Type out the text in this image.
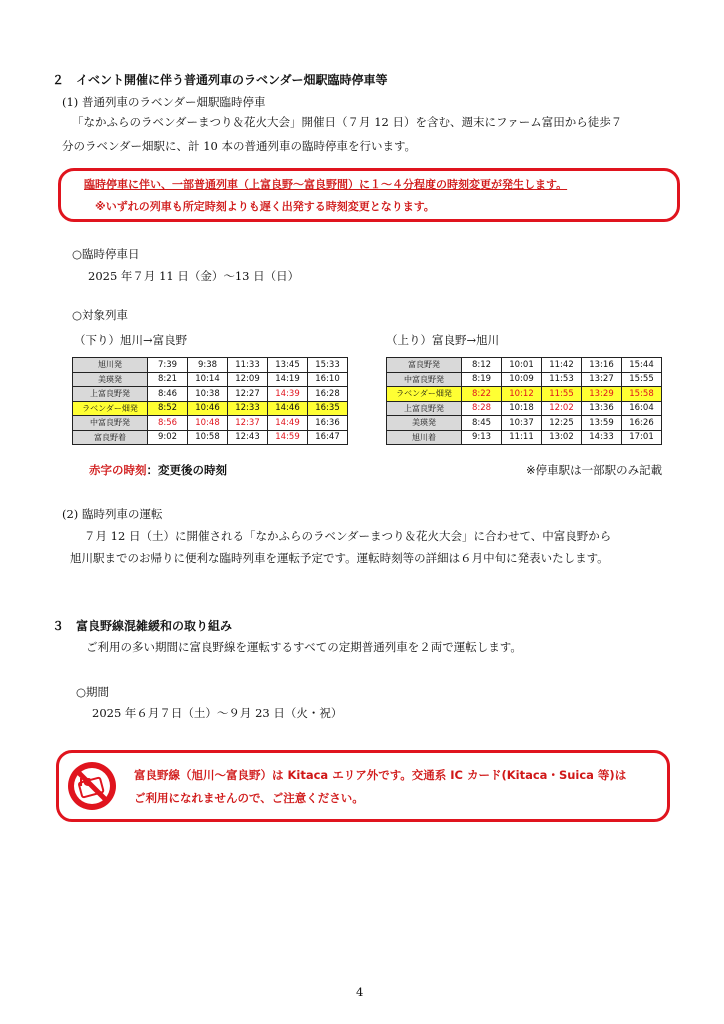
２　イベント開催に伴う普通列車のラベンダー畑駅臨時停車等
(1) 普通列車のラベンダー畑駅臨時停車
「なかふらのラベンダーまつり＆花火大会」開催日（７月 12 日）を含む、週末にファーム富田から徒歩７
分のラベンダー畑駅に、計 10 本の普通列車の臨時停車を行います。
臨時停車に伴い、一部普通列車（上富良野～富良野間）に１～４分程度の時刻変更が発生します。
※いずれの列車も所定時刻よりも遅く出発する時刻変更となります。
○臨時停車日
2025 年７月 11 日（金）～13 日（日）
○対象列車
（下り）旭川→富良野	（上り）富良野→旭川
旭川発	7:39	9:38	11:33	13:45	15:33
美瑛発	8:21	10:14	12:09	14:19	16:10
上富良野発	8:46	10:38	12:27	14:39	16:28
ラベンダー畑発	8:52	10:46	12:33	14:46	16:35
中富良野発	8:56	10:48	12:37	14:49	16:36
富良野着	9:02	10:58	12:43	14:59	16:47
富良野発	8:12	10:01	11:42	13:16	15:44
中富良野発	8:19	10:09	11:53	13:27	15:55
ラベンダー畑発	8:22	10:12	11:55	13:29	15:58
上富良野発	8:28	10:18	12:02	13:36	16:04
美瑛発	8:45	10:37	12:25	13:59	16:26
旭川着	9:13	11:11	13:02	14:33	17:01
赤字の時刻：変更後の時刻	※停車駅は一部駅のみ記載
(2) 臨時列車の運転
７月 12 日（土）に開催される「なかふらのラベンダーまつり＆花火大会」に合わせて、中富良野から
旭川駅までのお帰りに便利な臨時列車を運転予定です。運転時刻等の詳細は６月中旬に発表いたします。
３　富良野線混雑緩和の取り組み
ご利用の多い期間に富良野線を運転するすべての定期普通列車を２両で運転します。
○期間
2025 年６月７日（土）～９月 23 日（火・祝）
IC
富良野線（旭川～富良野）は Kitaca エリア外です。交通系 IC カード(Kitaca・Suica 等)は
ご利用になれませんので、ご注意ください。
4
